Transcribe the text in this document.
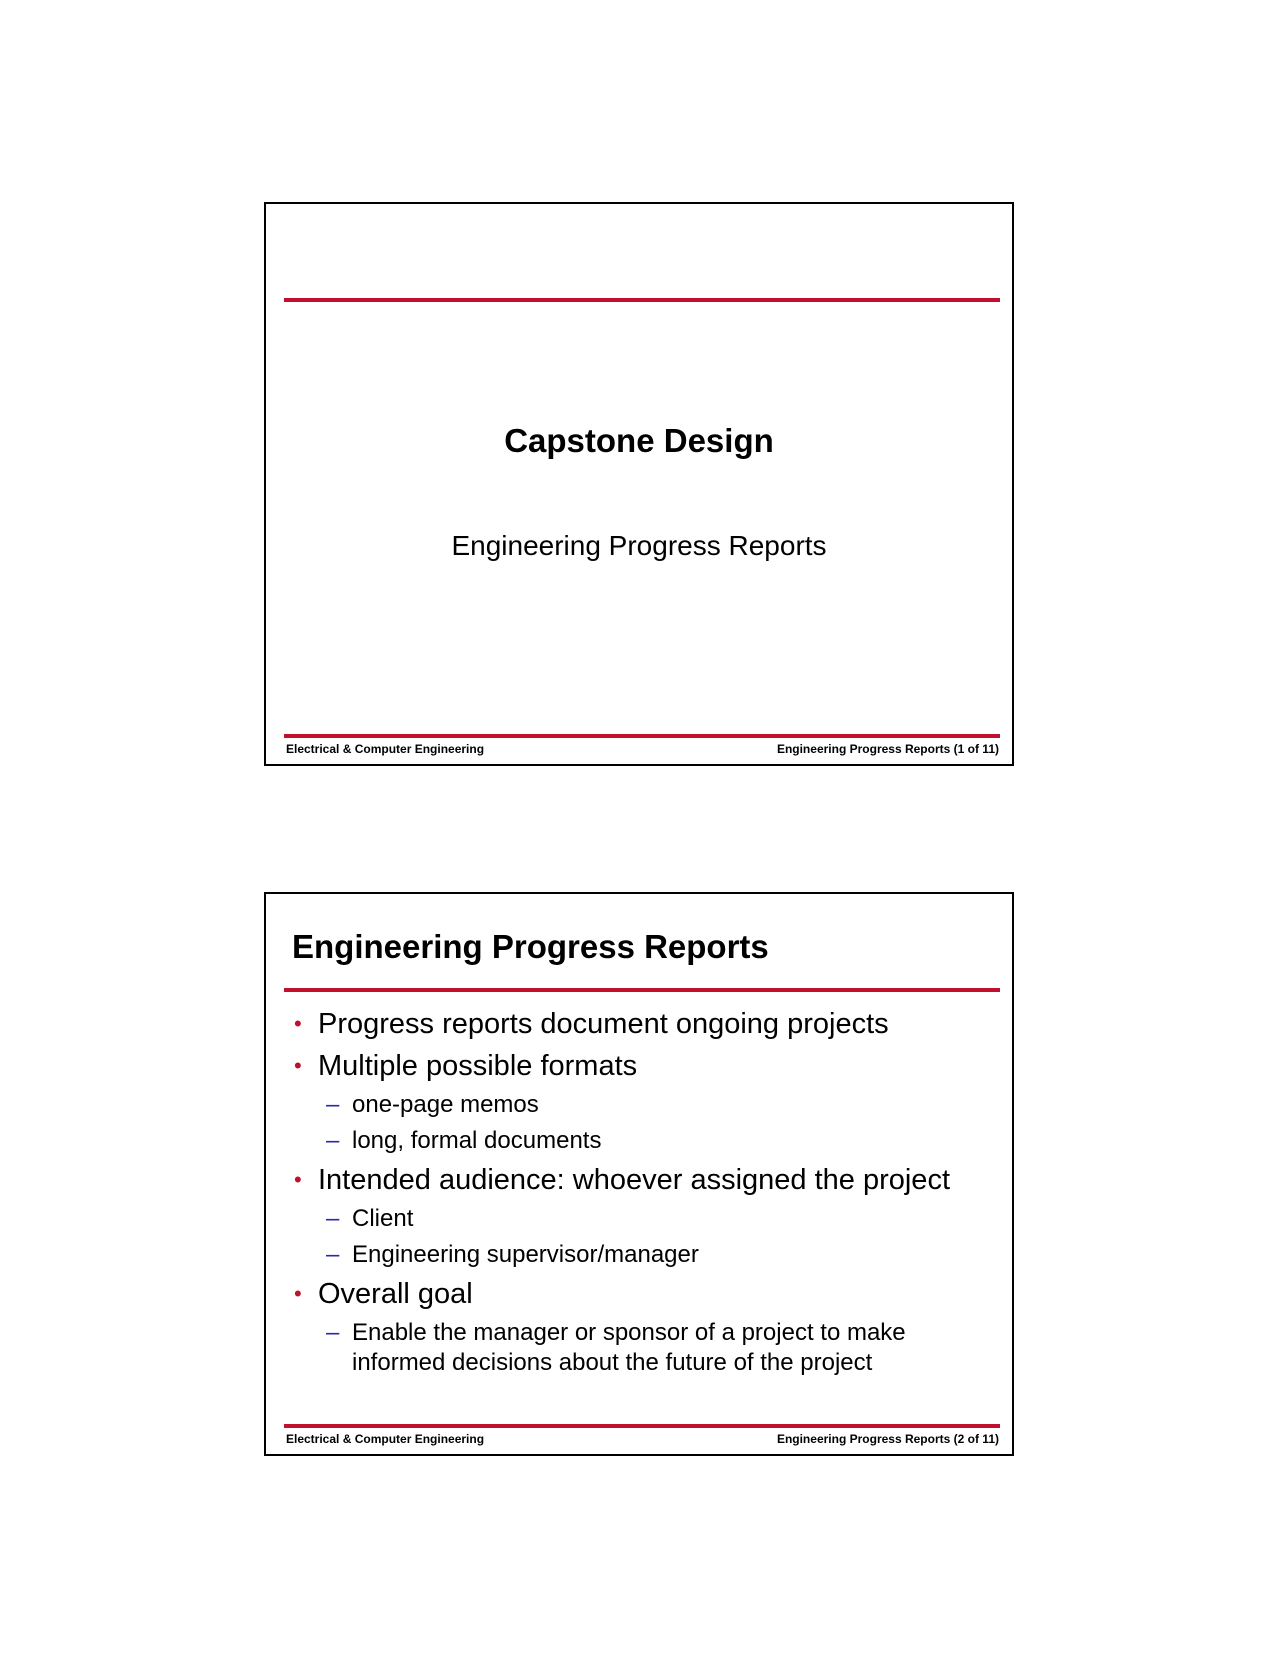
Capstone Design
Engineering Progress Reports
Electrical & Computer Engineering	Engineering Progress Reports (1 of 11)
Engineering Progress Reports
• Progress reports document ongoing projects
• Multiple possible formats
– one-page memos
– long, formal documents
• Intended audience: whoever assigned the project
– Client
– Engineering supervisor/manager
• Overall goal
– Enable the manager or sponsor of a project to make informed decisions about the future of the project
Electrical & Computer Engineering	Engineering Progress Reports (2 of 11)
